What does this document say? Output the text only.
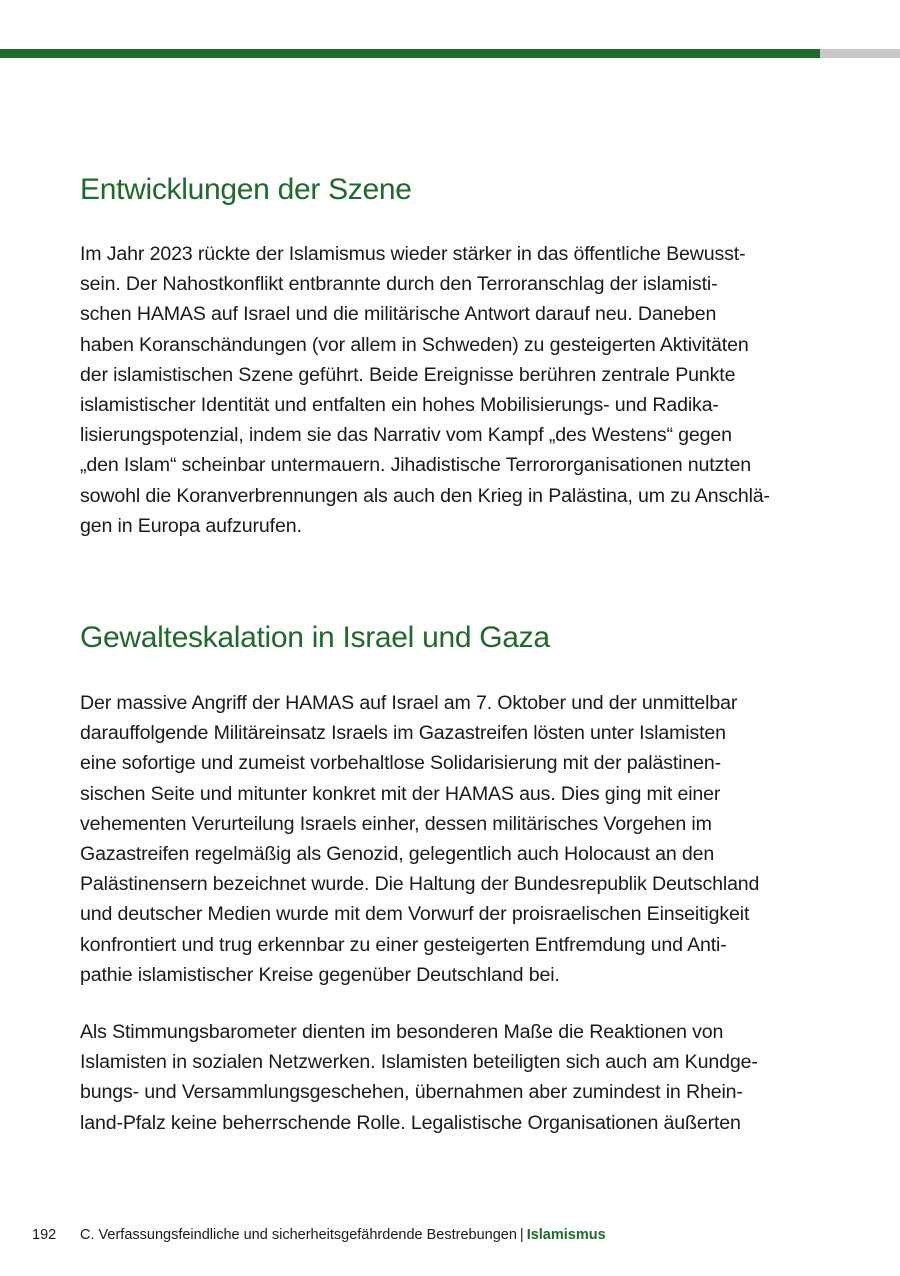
Entwicklungen der Szene

Im Jahr 2023 rückte der Islamismus wieder stärker in das öffentliche Bewusst-
sein. Der Nahostkonflikt entbrannte durch den Terroranschlag der islamisti-
schen HAMAS auf Israel und die militärische Antwort darauf neu. Daneben
haben Koranschändungen (vor allem in Schweden) zu gesteigerten Aktivitäten
der islamistischen Szene geführt. Beide Ereignisse berühren zentrale Punkte
islamistischer Identität und entfalten ein hohes Mobilisierungs- und Radika-
lisierungspotenzial, indem sie das Narrativ vom Kampf „des Westens“ gegen
„den Islam“ scheinbar untermauern. Jihadistische Terrororganisationen nutzten
sowohl die Koranverbrennungen als auch den Krieg in Palästina, um zu Anschlä-
gen in Europa aufzurufen.

Gewalteskalation in Israel und Gaza

Der massive Angriff der HAMAS auf Israel am 7. Oktober und der unmittelbar
darauffolgende Militäreinsatz Israels im Gazastreifen lösten unter Islamisten
eine sofortige und zumeist vorbehaltlose Solidarisierung mit der palästinen-
sischen Seite und mitunter konkret mit der HAMAS aus. Dies ging mit einer
vehementen Verurteilung Israels einher, dessen militärisches Vorgehen im
Gazastreifen regelmäßig als Genozid, gelegentlich auch Holocaust an den
Palästinensern bezeichnet wurde. Die Haltung der Bundesrepublik Deutschland
und deutscher Medien wurde mit dem Vorwurf der proisraelischen Einseitigkeit
konfrontiert und trug erkennbar zu einer gesteigerten Entfremdung und Anti-
pathie islamistischer Kreise gegenüber Deutschland bei.

Als Stimmungsbarometer dienten im besonderen Maße die Reaktionen von
Islamisten in sozialen Netzwerken. Islamisten beteiligten sich auch am Kundge-
bungs- und Versammlungsgeschehen, übernahmen aber zumindest in Rhein-
land-Pfalz keine beherrschende Rolle. Legalistische Organisationen äußerten

192 C. Verfassungsfeindliche und sicherheitsgefährdende Bestrebungen | Islamismus
